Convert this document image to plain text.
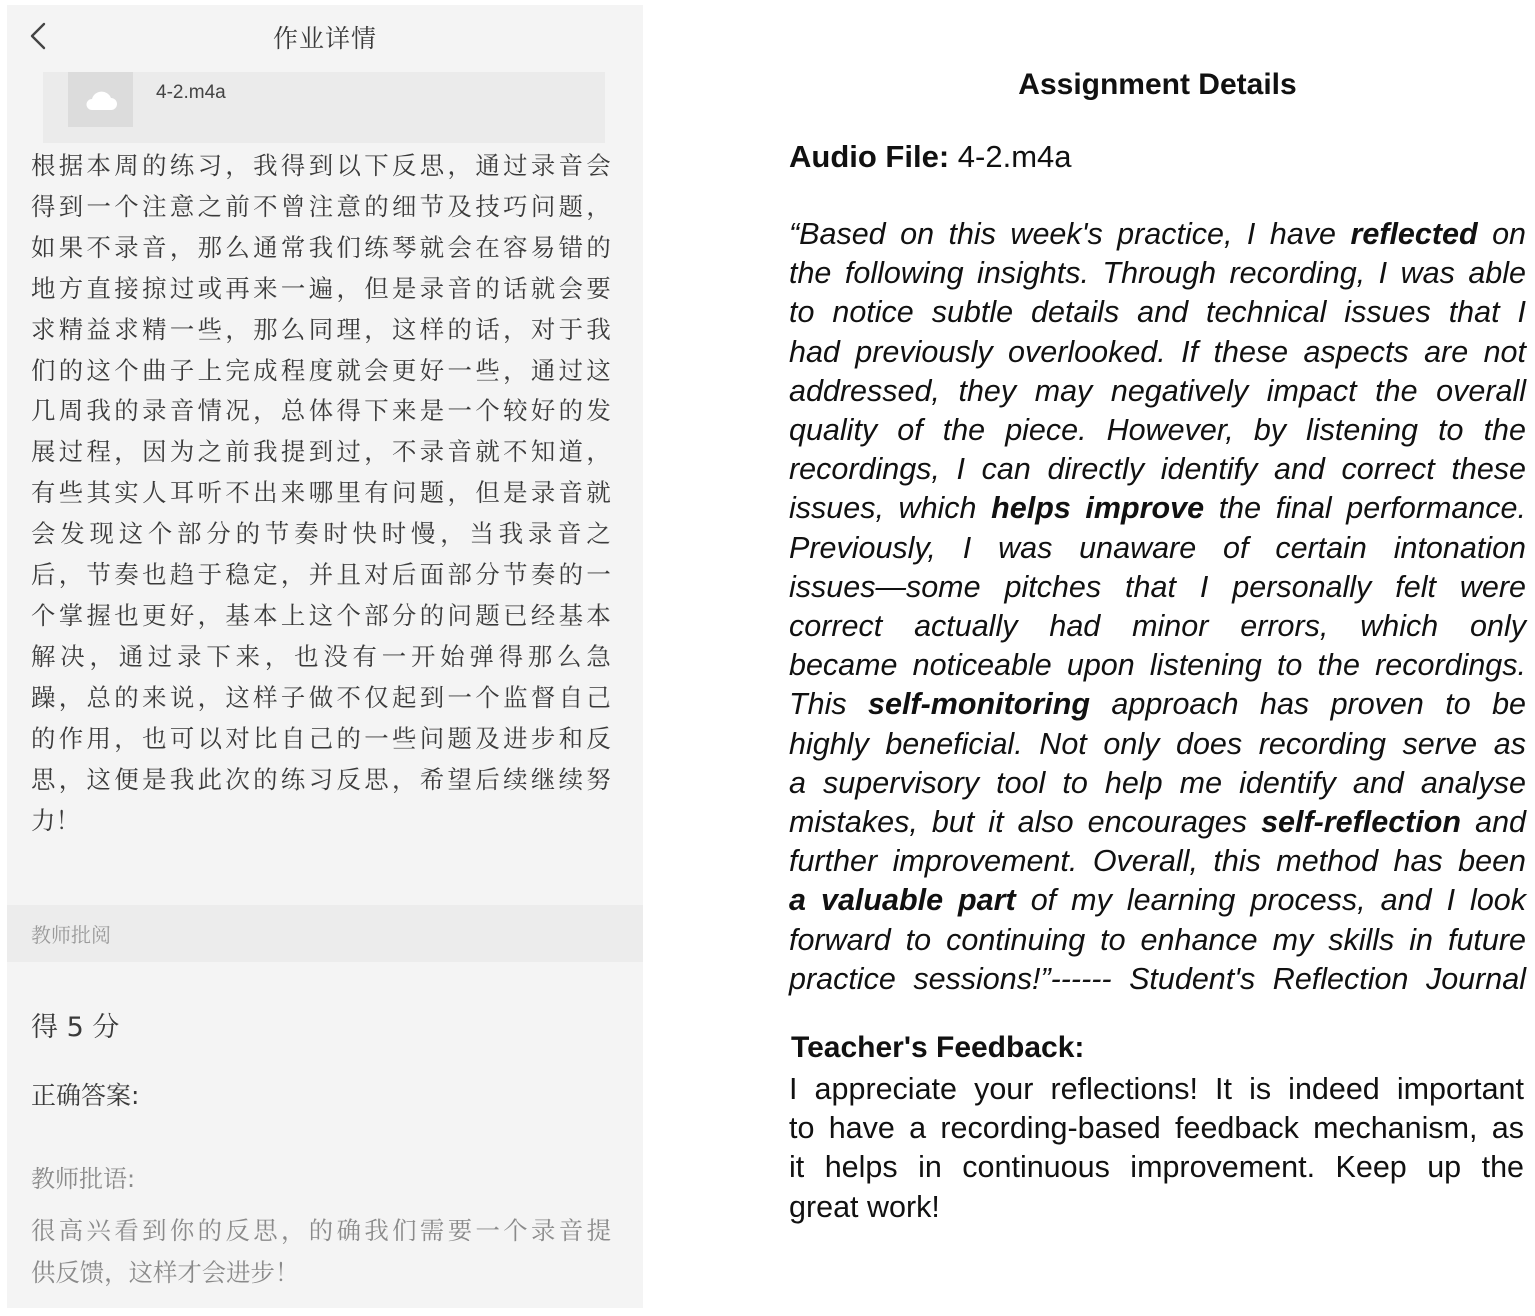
作业详情
4-2.m4a
根据本周的练习，我得到以下反思，通过录音会
得到一个注意之前不曾注意的细节及技巧问题，
如果不录音，那么通常我们练琴就会在容易错的
地方直接掠过或再来一遍，但是录音的话就会要
求精益求精一些，那么同理，这样的话，对于我
们的这个曲子上完成程度就会更好一些，通过这
几周我的录音情况，总体得下来是一个较好的发
展过程，因为之前我提到过，不录音就不知道，
有些其实人耳听不出来哪里有问题，但是录音就
会发现这个部分的节奏时快时慢，当我录音之
后，节奏也趋于稳定，并且对后面部分节奏的一
个掌握也更好，基本上这个部分的问题已经基本
解决，通过录下来，也没有一开始弹得那么急
躁，总的来说，这样子做不仅起到一个监督自己
的作用，也可以对比自己的一些问题及进步和反
思，这便是我此次的练习反思，希望后续继续努
力！
教师批阅
得 5 分
正确答案:
教师批语:
很高兴看到你的反思，的确我们需要一个录音提
供反馈，这样才会进步！
Assignment Details
Audio File: 4-2.m4a
“Based on this week's practice, I have reflected on
the following insights. Through recording, I was able
to notice subtle details and technical issues that I
had previously overlooked. If these aspects are not
addressed, they may negatively impact the overall
quality of the piece. However, by listening to the
recordings, I can directly identify and correct these
issues, which helps improve the final performance.
Previously, I was unaware of certain intonation
issues—some pitches that I personally felt were
correct actually had minor errors, which only
became noticeable upon listening to the recordings.
This self-monitoring approach has proven to be
highly beneficial. Not only does recording serve as
a supervisory tool to help me identify and analyse
mistakes, but it also encourages self-reflection and
further improvement. Overall, this method has been
a valuable part of my learning process, and I look
forward to continuing to enhance my skills in future
practice sessions!”------ Student's Reflection Journal
Teacher's Feedback:
I appreciate your reflections! It is indeed important
to have a recording-based feedback mechanism, as
it helps in continuous improvement. Keep up the
great work!
